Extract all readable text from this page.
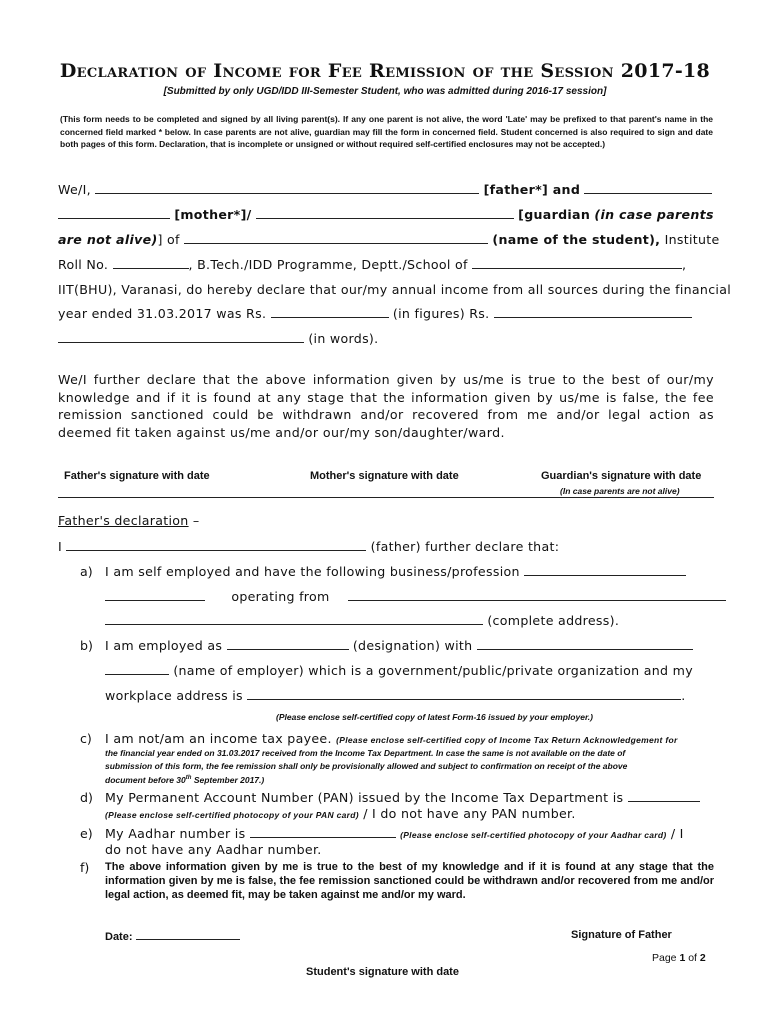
Declaration of Income for Fee Remission of the Session 2017-18
[Submitted by only UGD/IDD III-Semester Student, who was admitted during 2016-17 session]
(This form needs to be completed and signed by all living parent(s). If any one parent is not alive, the word 'Late' may be prefixed to that parent's name in the concerned field marked * below. In case parents are not alive, guardian may fill the form in concerned field. Student concerned is also required to sign and date both pages of this form. Declaration, that is incomplete or unsigned or without required self-certified enclosures may not be accepted.)
We/I,	[father*] and
[mother*]/	[guardian (in case parents
are not alive)] of	(name of the student), Institute
Roll No.	, B.Tech./IDD Programme, Deptt./School of	,
IIT(BHU), Varanasi, do hereby declare that our/my annual income from all sources during the financial
year ended 31.03.2017 was Rs.	(in figures) Rs.
(in words).
We/I further declare that the above information given by us/me is true to the best of our/my knowledge and if it is found at any stage that the information given by us/me is false, the fee remission sanctioned could be withdrawn and/or recovered from me and/or legal action as deemed fit taken against us/me and/or our/my son/daughter/ward.
Father's signature with date	Mother's signature with date	Guardian's signature with date
(In case parents are not alive)
Father's declaration –
I	(father) further declare that:
a) I am self employed and have the following business/profession
operating from
(complete address).
b) I am employed as	(designation) with
(name of employer) which is a government/public/private organization and my
workplace address is	.
(Please enclose self-certified copy of latest Form-16 issued by your employer.)
c) I am not/am an income tax payee. (Please enclose self-certified copy of Income Tax Return Acknowledgement for
the financial year ended on 31.03.2017 received from the Income Tax Department. In case the same is not available on the date of
submission of this form, the fee remission shall only be provisionally allowed and subject to confirmation on receipt of the above
document before 30th September 2017.)
d) My Permanent Account Number (PAN) issued by the Income Tax Department is
(Please enclose self-certified photocopy of your PAN card) / I do not have any PAN number.
e) My Aadhar number is	(Please enclose self-certified photocopy of your Aadhar card) / I
do not have any Aadhar number.
f) The above information given by me is true to the best of my knowledge and if it is found at any stage that the information given by me is false, the fee remission sanctioned could be withdrawn and/or recovered from me and/or legal action, as deemed fit, may be taken against me and/or my ward.
Date:	Signature of Father
Page 1 of 2
Student's signature with date
